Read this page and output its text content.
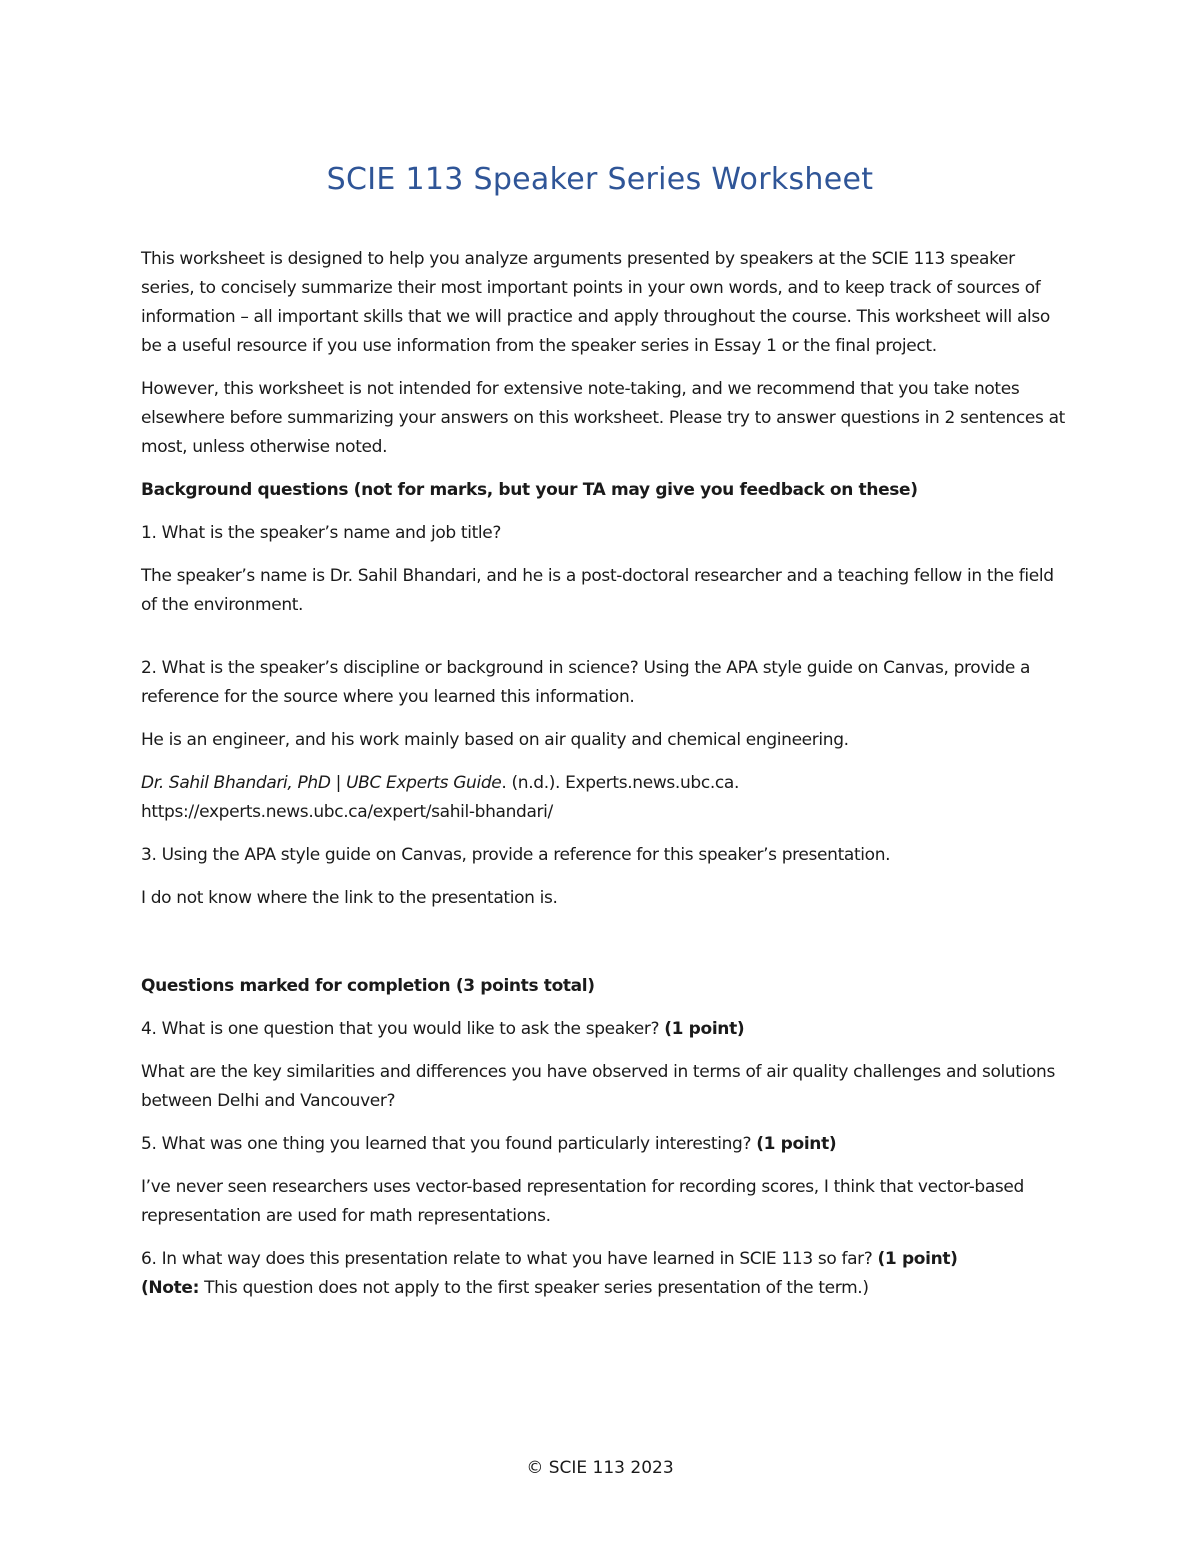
SCIE 113 Speaker Series Worksheet

This worksheet is designed to help you analyze arguments presented by speakers at the SCIE 113 speaker series, to concisely summarize their most important points in your own words, and to keep track of sources of information – all important skills that we will practice and apply throughout the course. This worksheet will also be a useful resource if you use information from the speaker series in Essay 1 or the final project.

However, this worksheet is not intended for extensive note-taking, and we recommend that you take notes elsewhere before summarizing your answers on this worksheet. Please try to answer questions in 2 sentences at most, unless otherwise noted.

Background questions (not for marks, but your TA may give you feedback on these)

1. What is the speaker’s name and job title?

The speaker’s name is Dr. Sahil Bhandari, and he is a post-doctoral researcher and a teaching fellow in the field of the environment.

2. What is the speaker’s discipline or background in science? Using the APA style guide on Canvas, provide a reference for the source where you learned this information.

He is an engineer, and his work mainly based on air quality and chemical engineering.

Dr. Sahil Bhandari, PhD | UBC Experts Guide. (n.d.). Experts.news.ubc.ca.
https://experts.news.ubc.ca/expert/sahil-bhandari/

3. Using the APA style guide on Canvas, provide a reference for this speaker’s presentation.

I do not know where the link to the presentation is.

Questions marked for completion (3 points total)

4. What is one question that you would like to ask the speaker? (1 point)

What are the key similarities and differences you have observed in terms of air quality challenges and solutions between Delhi and Vancouver?

5. What was one thing you learned that you found particularly interesting? (1 point)

I’ve never seen researchers uses vector-based representation for recording scores, I think that vector-based representation are used for math representations.

6. In what way does this presentation relate to what you have learned in SCIE 113 so far? (1 point)
(Note: This question does not apply to the first speaker series presentation of the term.)

© SCIE 113 2023
